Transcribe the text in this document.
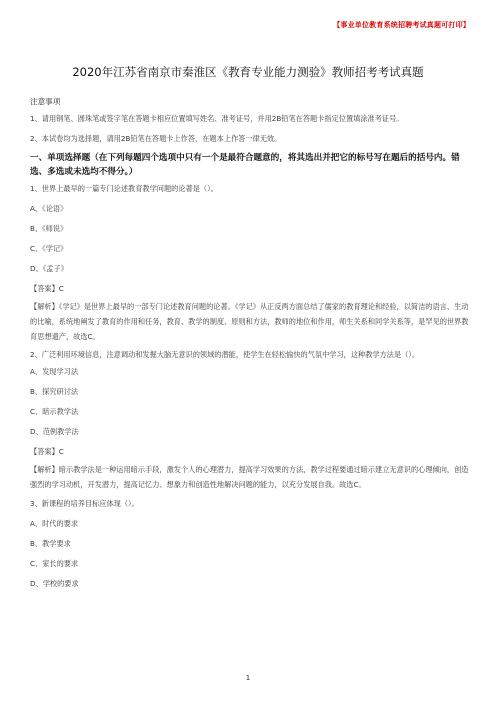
【事业单位教育系统招聘考试真题可打印】
2020年江苏省南京市秦淮区《教育专业能力测验》教师招考考试真题
注意事项
1、请用钢笔、圆珠笔或签字笔在答题卡相应位置填写姓名、准考证号，并用2B铅笔在答题卡指定位置填涂准考证号。
2、本试卷均为选择题，请用2B铅笔在答题卡上作答，在题本上作答一律无效。
一、单项选择题（在下列每题四个选项中只有一个是最符合题意的，将其选出并把它的标号写在题后的括号内。错选、多选或未选均不得分。）
1、世界上最早的一篇专门论述教育教学问题的论著是（）。
A、《论语》
B、《师说》
C、《学记》
D、《孟子》
【答案】C
【解析】《学记》是世界上最早的一部专门论述教育问题的论著。《学记》从正反两方面总结了儒家的教育理论和经验，以简洁的语言、生动的比喻，系统地阐发了教育的作用和任务，教育、教学的制度、原则和方法，教师的地位和作用，师生关系和同学关系等，是罕见的世界教育思想遗产，故选C。
2、广泛利用环境信息，注意调动和发掘大脑无意识的领域的潜能，使学生在轻松愉快的气氛中学习，这种教学方法是（）。
A、发现学习法
B、探究研讨法
C、暗示教学法
D、范例教学法
【答案】C
【解析】暗示教学法是一种运用暗示手段，激发个人的心理潜力，提高学习效果的方法，教学过程要通过暗示建立无意识的心理倾向，创造强烈的学习动机，开发潜力，提高记忆力、想象力和创造性地解决问题的能力，以充分发展自我。故选C。
3、新课程的培养目标应体现（）。
A、时代的要求
B、教学要求
C、家长的要求
D、学校的要求
1
